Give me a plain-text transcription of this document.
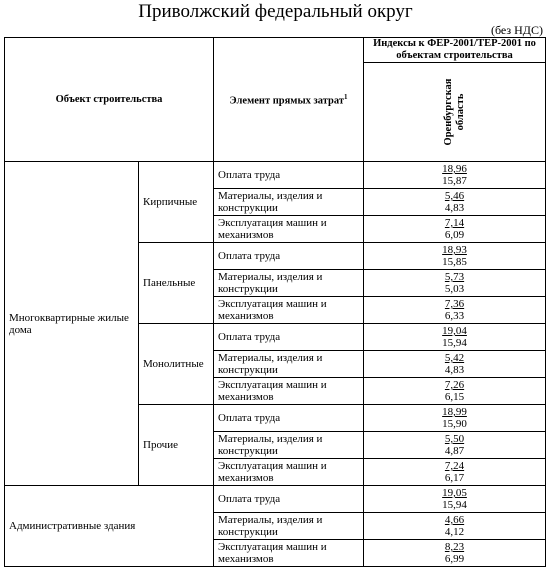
Приволжский федеральный округ
(без НДС)
Объект строительства		Элемент прямых затрат$^1$	Индексы к ФЕР-2001/ТЕР-2001 по объектам строительства

			Оренбургская область

Многоквартирные жилые дома	Кирпичные	Оплата труда	18,96
15,87

		Материалы, изделия и конструкции	5,46
4,83

		Эксплуатация машин и механизмов	7,14
6,09

	Панельные	Оплата труда	18,93
15,85

		Материалы, изделия и конструкции	5,73
5,03

		Эксплуатация машин и механизмов	7,36
6,33

	Монолитные	Оплата труда	19,04
15,94

		Материалы, изделия и конструкции	5,42
4,83

		Эксплуатация машин и механизмов	7,26
6,15

	Прочие	Оплата труда	18,99
15,90

		Материалы, изделия и конструкции	5,50
4,87

		Эксплуатация машин и механизмов	7,24
6,17

Административные здания		Оплата труда	19,05
15,94

		Материалы, изделия и конструкции	4,66
4,12

		Эксплуатация машин и механизмов	8,23
6,99
